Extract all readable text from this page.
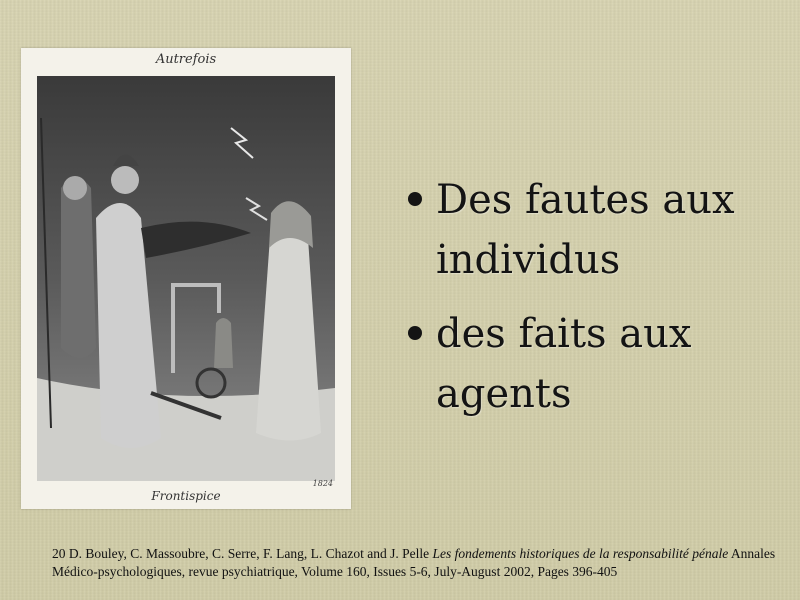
Autrefois
1824
Frontispice
Des fautes aux individus
des faits aux agents
20 D. Bouley, C. Massoubre, C. Serre, F. Lang, L. Chazot and J. Pelle Les fondements historiques de la responsabilité pénale Annales Médico-psychologiques, revue psychiatrique, Volume 160, Issues 5-6, July-August 2002, Pages 396-405
